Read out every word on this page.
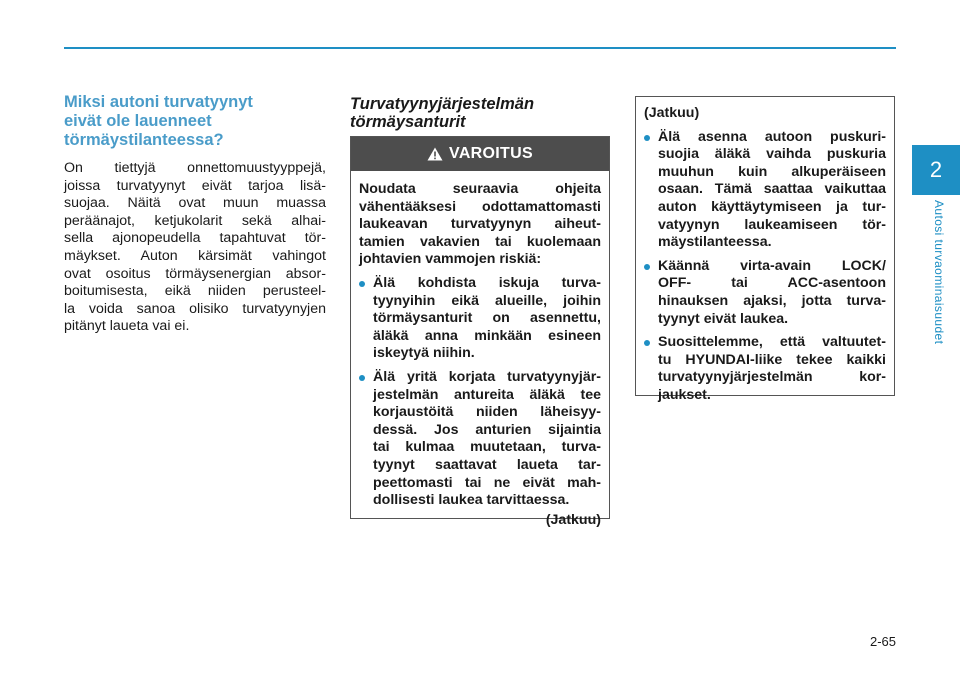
Miksi autoni turvatyynyt
eivät ole lauenneet
törmäystilanteessa?

On tiettyjä onnettomuustyyppejä,
joissa turvatyynyt eivät tarjoa lisä-
suojaa. Näitä ovat muun muassa
peräänajot, ketjukolarit sekä alhai-
sella ajonopeudella tapahtuvat tör-
mäykset. Auton kärsimät vahingot
ovat osoitus törmäysenergian absor-
boitumisesta, eikä niiden perusteel-
la voida sanoa olisiko turvatyynyjen
pitänyt laueta vai ei.

Turvatyynyjärjestelmän
törmäysanturit
VAROITUS

Noudata seuraavia ohjeita
vähentääksesi odottamattomasti
laukeavan turvatyynyn aiheut-
tamien vakavien tai kuolemaan
johtavien vammojen riskiä:

Älä kohdista iskuja turva-
tyynyihin eikä alueille, joihin
törmäysanturit on asennettu,
äläkä anna minkään esineen
iskeytyä niihin.
Älä yritä korjata turvatyynyjär-
jestelmän antureita äläkä tee
korjaustöitä niiden läheisyy-
dessä. Jos anturien sijaintia
tai kulmaa muutetaan, turva-
tyynyt saattavat laueta tar-
peettomasti tai ne eivät mah-
dollisesti laukea tarvittaessa.
(Jatkuu)

(Jatkuu)

Älä asenna autoon puskuri-
suojia äläkä vaihda puskuria
muuhun kuin alkuperäiseen
osaan. Tämä saattaa vaikuttaa
auton käyttäytymiseen ja tur-
vatyynyn laukeamiseen tör-
mäystilanteessa.
Käännä virta-avain LOCK/
OFF- tai ACC-asentoon
hinauksen ajaksi, jotta turva-
tyynyt eivät laukea.
Suosittelemme, että valtuutet-
tu HYUNDAI-liike tekee kaikki
turvatyynyjärjestelmän kor-
jaukset.
2
Autosi turvaominaisuudet
2-65
